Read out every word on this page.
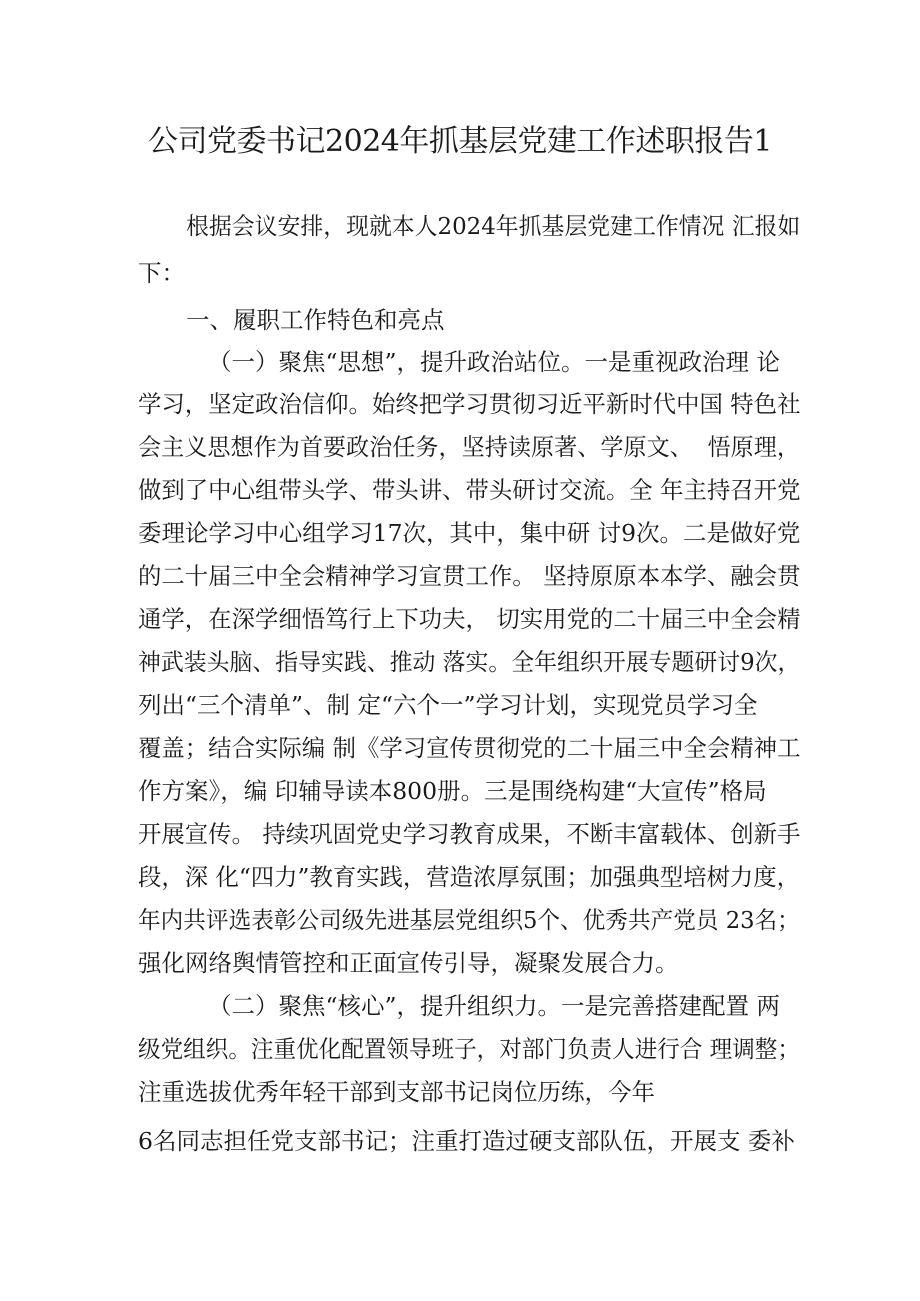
公司党委书记2024年抓基层党建工作述职报告1
根据会议安排，现就本人2024年抓基层党建工作情况 汇报如
下：
一、履职工作特色和亮点
（一）聚焦“思想”，提升政治站位。一是重视政治理 论
学习，坚定政治信仰。始终把学习贯彻习近平新时代中国 特色社
会主义思想作为首要政治任务，坚持读原著、学原文、  悟原理，
做到了中心组带头学、带头讲、带头研讨交流。全 年主持召开党
委理论学习中心组学习17次，其中，集中研 讨9次。二是做好党
的二十届三中全会精神学习宣贯工作。 坚持原原本本学、融会贯
通学，在深学细悟笃行上下功夫， 切实用党的二十届三中全会精
神武装头脑、指导实践、推动 落实。全年组织开展专题研讨9次，
列出“三个清单”、制 定“六个一”学习计划，实现党员学习全
覆盖；结合实际编 制《学习宣传贯彻党的二十届三中全会精神工
作方案》，编 印辅导读本800册。三是围绕构建“大宣传”格局
开展宣传。 持续巩固党史学习教育成果，不断丰富载体、创新手
段，深 化“四力”教育实践，营造浓厚氛围；加强典型培树力度，
年内共评选表彰公司级先进基层党组织5个、优秀共产党员 23名；
强化网络舆情管控和正面宣传引导，凝聚发展合力。
（二）聚焦“核心”，提升组织力。一是完善搭建配置 两
级党组织。注重优化配置领导班子，对部门负责人进行合 理调整；
注重选拔优秀年轻干部到支部书记岗位历练，今年
6名同志担任党支部书记；注重打造过硬支部队伍，开展支 委补
